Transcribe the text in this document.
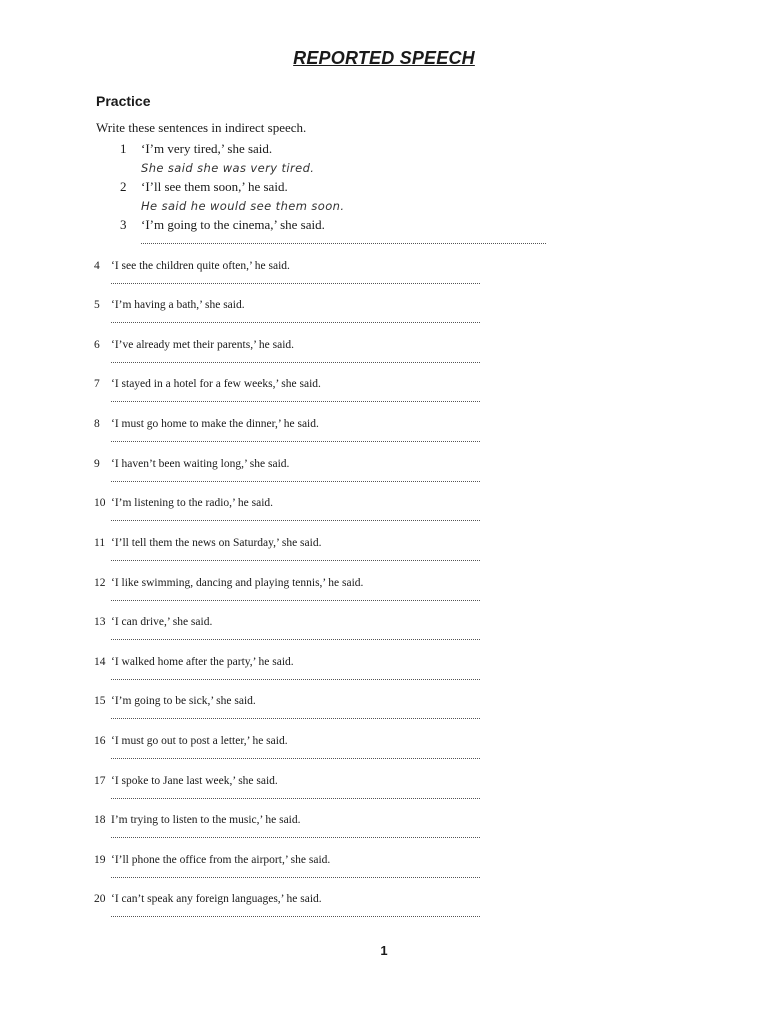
REPORTED SPEECH
Practice
Write these sentences in indirect speech.
1 ‘I’m very tired,’ she said.
She said she was very tired.
2 ‘I’ll see them soon,’ he said.
He said he would see them soon.
3 ‘I’m going to the cinema,’ she said.
4 ‘I see the children quite often,’ he said.
5 ‘I’m having a bath,’ she said.
6 ‘I’ve already met their parents,’ he said.
7 ‘I stayed in a hotel for a few weeks,’ she said.
8 ‘I must go home to make the dinner,’ he said.
9 ‘I haven’t been waiting long,’ she said.
10 ‘I’m listening to the radio,’ he said.
11 ‘I’ll tell them the news on Saturday,’ she said.
12 ‘I like swimming, dancing and playing tennis,’ he said.
13 ‘I can drive,’ she said.
14 ‘I walked home after the party,’ he said.
15 ‘I’m going to be sick,’ she said.
16 ‘I must go out to post a letter,’ he said.
17 ‘I spoke to Jane last week,’ she said.
18 I’m trying to listen to the music,’ he said.
19 ‘I’ll phone the office from the airport,’ she said.
20 ‘I can’t speak any foreign languages,’ he said.
1
